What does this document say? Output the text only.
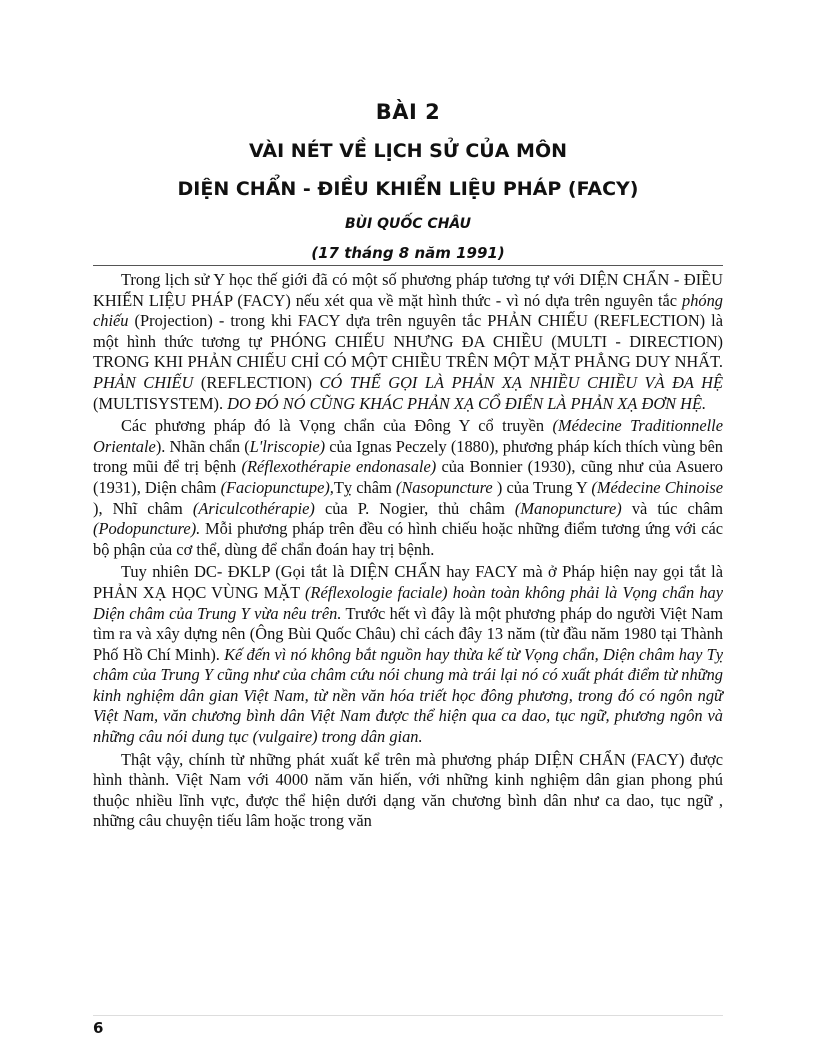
BÀI 2
VÀI NÉT VỀ LỊCH SỬ CỦA MÔN
DIỆN CHẨN - ĐIỀU KHIỂN LIỆU PHÁP (FACY)
BÙI QUỐC CHÂU
(17 tháng 8 năm 1991)

Trong lịch sử Y học thế giới đã có một số phương pháp tương tự với DIỆN CHẨN - ĐIỀU KHIỂN LIỆU PHÁP (FACY) nếu xét qua về mặt hình thức - vì nó dựa trên nguyên tắc phóng chiếu (Projection) - trong khi FACY dựa trên nguyên tắc PHẢN CHIẾU (REFLECTION) là một hình thức tương tự PHÓNG CHIẾU NHƯNG ĐA CHIỀU (MULTI - DIRECTION) TRONG KHI PHẢN CHIẾU CHỈ CÓ MỘT CHIỀU TRÊN MỘT MẶT PHẲNG DUY NHẤT. PHẢN CHIẾU (REFLECTION) CÓ THỂ GỌI LÀ PHẢN XẠ NHIỀU CHIỀU VÀ ĐA HỆ (MULTISYSTEM). DO ĐÓ NÓ CŨNG KHÁC PHẢN XẠ CỔ ĐIỂN LÀ PHẢN XẠ ĐƠN HỆ.

Các phương pháp đó là Vọng chẩn của Đông Y cổ truyền (Médecine Traditionnelle Orientale). Nhãn chẩn (L'lriscopie) của Ignas Peczely (1880), phương pháp kích thích vùng bên trong mũi để trị bệnh (Réflexothérapie endonasale) của Bonnier (1930), cũng như của Asuero (1931), Diện châm (Faciopunctupe),Tỵ châm (Nasopuncture ) của Trung Y (Médecine Chinoise ), Nhĩ châm (Ariculcothérapie) của P. Nogier, thủ châm (Manopuncture) và túc châm (Podopuncture). Mỗi phương pháp trên đều có hình chiếu hoặc những điểm tương ứng với các bộ phận của cơ thể, dùng để chẩn đoán hay trị bệnh.

Tuy nhiên DC- ĐKLP (Gọi tắt là DIỆN CHẨN hay FACY mà ở Pháp hiện nay gọi tắt là PHẢN XẠ HỌC VÙNG MẶT (Réflexologie faciale) hoàn toàn không phải là Vọng chẩn hay Diện châm của Trung Y vừa nêu trên. Trước hết vì đây là một phương pháp do người Việt Nam tìm ra và xây dựng nên (Ông Bùi Quốc Châu) chỉ cách đây 13 năm (từ đầu năm 1980 tại Thành Phố Hồ Chí Minh). Kế đến vì nó không bắt nguồn hay thừa kế từ Vọng chẩn, Diện châm hay Tỵ châm của Trung Y cũng như của châm cứu nói chung mà trái lại nó có xuất phát điểm từ những kinh nghiệm dân gian Việt Nam, từ nền văn hóa triết học đông phương, trong đó có ngôn ngữ Việt Nam, văn chương bình dân Việt Nam được thể hiện qua ca dao, tục ngữ, phương ngôn và những câu nói dung tục (vulgaire) trong dân gian.

Thật vậy, chính từ những phát xuất kể trên mà phương pháp DIỆN CHẨN (FACY) được hình thành. Việt Nam với 4000 năm văn hiến, với những kinh nghiệm dân gian phong phú thuộc nhiều lĩnh vực, được thể hiện dưới dạng văn chương bình dân như ca dao, tục ngữ , những câu chuyện tiếu lâm hoặc trong văn

6
